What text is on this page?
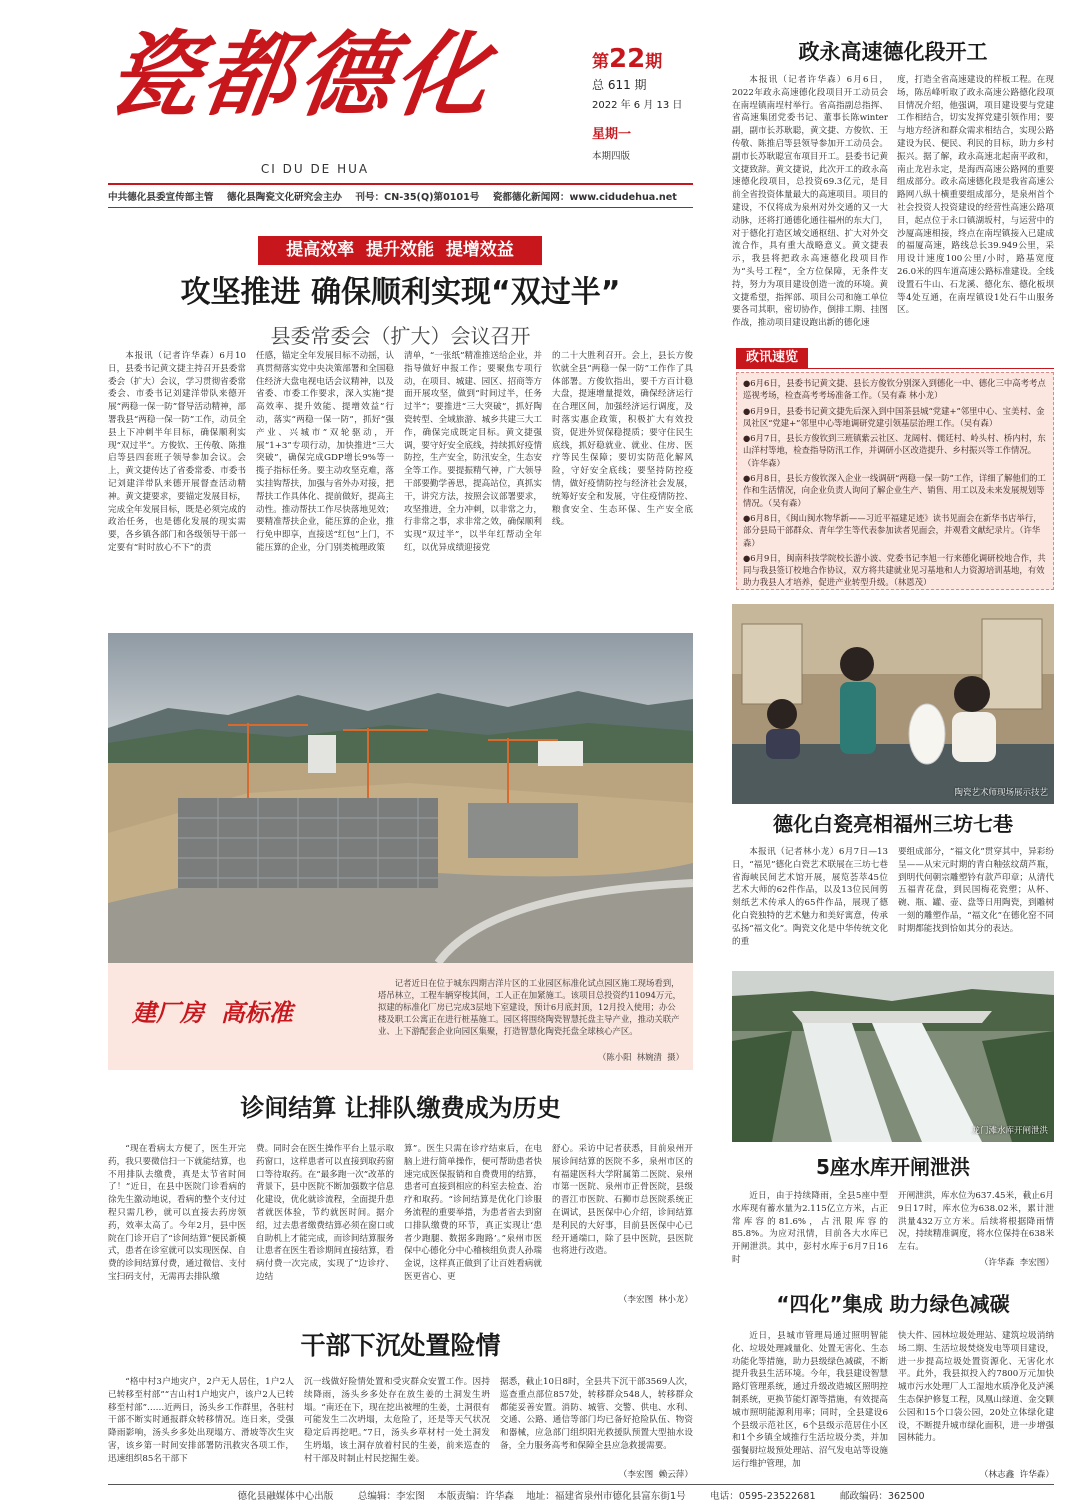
瓷都德化
CI DU DE HUA
第22期
总 611 期
2022 年 6 月 13 日
星期一
本期四版
中共德化县委宣传部主管    德化县陶瓷文化研究会主办    刊号：CN-35(Q)第0101号    瓷都德化新闻网：www.cidudehua.net
提高效率  提升效能  提增效益
攻坚推进 确保顺利实现“双过半”
县委常委会（扩大）会议召开
本报讯（记者许华森）6月10日，县委书记黄文捷主持召开县委常委会（扩大）会议，学习贯彻省委常委会、市委书记刘建洋带队来德开展“两稳一保一防”督导活动精神，部署我县“两稳一保一防”工作，动员全县上下冲刺半年目标，确保顺利实现“双过半”。方俊钦、王传敬、陈推启等县四套班子领导参加会议。会上，黄文捷传达了省委常委、市委书记刘建洋带队来德开展督查活动精神。黄文捷要求，要锚定发展目标，完成全年发展目标，既是必须完成的政治任务，也是德化发展的现实需要，各乡镇各部门和各级领导干部一定要有“时时放心不下”的责
任感，锚定全年发展目标不动摇，认真贯彻落实党中央决策部署和全国稳住经济大盘电视电话会议精神，以及省委、市委工作要求，深入实施“提高效率、提升效能、提增效益”行动，落实“两稳一保一防”，抓好“强产业、兴城市”双轮驱动，开展“1+3”专项行动，加快推进“三大突破”，确保完成GDP增长9%等一揽子指标任务。要主动攻坚克难，落实挂钩帮扶，加强与省外办对接，把帮扶工作具体化、提前做好，提高主动性。推动帮扶工作尽快落地见效；要精准帮扶企业，能压算的企业，推行免申即享，直接送“红包”上门，不能压算的企业，分门别类梳理政策
清单，“一张纸”精准推送给企业，并指导做好申报工作；要聚焦专项行动，在项目、城建、园区、招商等方面开展攻坚，做到“时间过半，任务过半”；要推进“三大突破”，抓好陶瓷转型、全域旅游、城乡共建三大工作，确保完成既定目标。黄文捷强调，要守好安全底线，持续抓好疫情防控，生产安全，防汛安全，生态安全等工作。要提振精气神，广大领导干部要勤学善思，提高站位，真抓实干，讲究方法，按照会议部署要求，攻坚推进，全力冲刺，以非常之力，行非常之事，求非常之效，确保顺利实现“双过半”，以半年红帮动全年红，以优异成绩迎接党
的二十大胜利召开。会上，县长方俊钦就全县“两稳一保一防”工作作了具体部署。方俊钦指出，要千方百计稳大盘，提速增量提效，确保经济运行在合理区间，加强经济运行调度，及时落实惠企政策，积极扩大有效投资，促进外贸保稳提质；要守住民生底线，抓好稳就业、就业、住房、医疗等民生保障；要切实防范化解风险，守好安全底线；要坚持防控疫情，做好疫情防控与经济社会发展，统筹好安全和发展，守住疫情防控、粮食安全、生态环保、生产安全底线。
政永高速德化段开工
本报讯（记者许华森）6月6日，2022年政永高速德化段项目开工动员会在南埕镇南埕村举行。省高指副总指挥、省高速集团党委书记、董事长陈winter副，副市长苏耿聪，黄文捷、方俊钦、王传敬、陈推启等县领导参加开工动员会。副市长苏耿聪宣布项目开工。县委书记黄文捷致辞。黄文捷说，此次开工的政永高速德化段项目，总投资69.3亿元，是目前全省投资体量最大的高速项目。项目的建设，不仅将成为泉州对外交通的又一大动脉，还将打通德化通往福州的东大门，对于德化打造区域交通枢纽、扩大对外交流合作，具有重大战略意义。黄文捷表示，我县将把政永高速德化段项目作为“头号工程”，全方位保障，无条件支持，努力为项目建设创造一流的环境。黄文捷希望，指挥部、项目公司和施工单位要各司其职，密切协作，倒排工期、挂图作战，推动项目建设跑出新的德化速
度，打造全省高速建设的样板工程。在现场，陈岳峰听取了政永高速公路德化段项目情况介绍，他强调，项目建设要与党建工作相结合，切实发挥党建引领作用；要与地方经济和群众需求相结合，实现公路建设为民、便民、利民的目标，助力乡村振兴。据了解，政永高速北起南平政和，南止龙岩永定，是海西高速公路网的重要组成部分。政永高速德化段是我省高速公路网八纵十横重要组成部分，是泉州首个社会投资人投资建设的经营性高速公路项目，起点位于永口镇湖坂村，与运营中的沙厦高速相接，终点在南埕镇接入已建成的福厦高速，路线总长39.949公里，采用设计速度100公里/小时，路基宽度26.0米的四车道高速公路标准建设。全线设置石牛山、石龙溪、德化东、德化板坝等4处互通，在南埕镇设1处石牛山服务区。
政讯速览
●6月6日，县委书记黄文捷、县长方俊钦分别深入到德化一中、德化三中高考考点巡视考场，检查高考考场准备工作。（吴有森 林小龙）
●6月9日，县委书记黄文捷先后深入到中国茶县城“党建+”邻里中心、宝美村、金凤社区“党建+”邻里中心等地调研党建引领基层治理工作。（吴有森）
●6月7日，县长方俊钦到三班镇紫云社区、龙阔村、儒廷村、岭头村、桥内村，东山洋村等地，检查指导防汛工作，并调研小区改造提升、乡村振兴等工作情况。（许华森）
●6月8日，县长方俊钦深入企业一线调研“两稳一保一防”工作，详细了解他们的工作和生活情况，向企业负责人询问了解企业生产、销售、用工以及未来发展规划等情况。（吴有森）
●6月8日，《闽山闽水物华新——习近平福建足迹》读书见面会在新华书店举行，部分县局干部群众、青年学生等代表参加读者见面会，并观看文献纪录片。（许华森）
●6月9日，闽南科技学院校长游小波、党委书记李旭一行来德化调研校地合作，共同与我县签订校地合作协议，双方将共建就业见习基地和人力资源培训基地，有效助力我县人才培养，促进产业转型升级。（林恩茂）
建厂房  高标准
记者近日在位于城东四期吉洋片区的工业园区标准化试点园区施工现场看到，塔吊林立，工程车辆穿梭其间，工人正在加紧施工。该项目总投资约11094万元，拟建的标准化厂房已完成3层地下室建设，预计6月底封顶，12月投入使用；办公楼及职工公寓正在进行桩基施工。园区将围绕陶瓷智慧托盘主导产业，推动关联产业、上下游配套企业向园区集聚，打造智慧化陶瓷托盘全球核心产区。
（陈小阳  林婉清  摄）
陶瓷艺术师现场展示技艺
德化白瓷亮相福州三坊七巷
本报讯（记者林小龙）6月7日—13日，“福见”德化白瓷艺术联展在三坊七巷省海峡民间艺术馆开展，展览荟萃45位艺术大师的62件作品，以及13位民间剪刻纸艺术传承人的65件作品，展现了德化白瓷独特的艺术魅力和美好寓意，传承弘扬“福文化”。陶瓷文化是中华传统文化的重
要组成部分，“福文化”贯穿其中，异彩纷呈——从宋元时期的青白釉弦纹葫芦瓶，到明代何朝宗雕塑钤有款芦印章；从清代五福青花盘，到民国梅花瓷塑；从杯、碗、瓶、罐、壶、盘等日用陶瓷，到雕树一刻的雕塑作品，“福文化”在德化窑不同时期都能找到恰如其分的表达。
龙门滩水库开闸泄洪
5座水库开闸泄洪
近日，由于持续降雨，全县5座中型水库现有蓄水量为2.115亿立方米，占正常库容的81.6%，占汛限库容的85.8%。为应对汛情，目前各大水库已开闸泄洪。其中，彭村水库于6月7日16时
开闸泄洪，库水位为637.45米，截止6月9日17时，库水位为638.02米，累计泄洪量432万立方米。后续将根据降雨情况，持续精准调度，将水位保持在638米左右。
（许华森  李宏图）
诊间结算 让排队缴费成为历史
“现在看病太方便了，医生开完药，我只要微信扫一下就能结算，也不用排队去缴费，真是太节省时间了！”近日，在县中医院门诊看病的徐先生激动地说，看病的整个支付过程只需几秒，就可以直接去药房领药，效率太高了。今年2月，县中医院在门诊开启了“诊间结算”便民新模式，患者在诊室就可以实现医保、自费的诊间结算付费，通过微信、支付宝扫码支付，无需再去排队缴
费。同时会在医生操作平台上显示取药窗口，这样患者可以直接到取药窗口等待取药。在“最多跑一次”改革的背景下，县中医院不断加强数字信息化建设，优化就诊流程，全面提升患者就医体验，节约就医时间。据介绍，过去患者缴费结算必须在窗口或自助机上才能完成，而诊间结算服务让患者在医生看诊期间直接结算，看病付费一次完成，实现了“边诊疗、边结
算”。医生只需在诊疗结束后，在电脑上进行简单操作，便可帮助患者快速完成医保报销和自费费用的结算，患者可直接到相应的科室去检查、治疗和取药。“诊间结算是优化门诊服务流程的重要举措，为患者省去到窗口排队缴费的环节，真正实现让‘患者少跑腿、数据多跑路’。”泉州市医保中心德化分中心稽核组负责人孙瑞金说，这样真正做到了让百姓看病就医更省心、更
舒心。采访中记者获悉，目前泉州开展诊间结算的医院不多，泉州市区的有福建医科大学附属第二医院、泉州市第一医院、泉州市正骨医院，县级的晋江市医院、石狮市总医院系统正在调试，县医保中心介绍，诊间结算是利民的大好事，目前县医保中心已经开通端口，除了县中医院，县医院也将进行改造。
（李宏图  林小龙）
干部下沉处置险情
“格中村3户地灾户，2户无人居住，1户2人已转移至村部”“吉山村1户地灾户，该户2人已转移至村部”……近两日，汤头乡工作群里，各驻村干部不断实时通报群众转移情况。连日来，受强降雨影响，汤头乡多处出现塌方、滑坡等次生灾害，该乡第一时间安排部署防汛救灾各项工作，迅速组织85名干部下
沉一线做好险情处置和受灾群众安置工作。因持续降雨，汤头乡多处存在放生姜的土洞发生坍塌。“南还在下，现在挖出被埋的生姜，土洞很有可能发生二次坍塌，太危险了，还是等天气状况稳定后再挖吧。”7日，汤头乡草材村一处土洞发生坍塌，该土洞存放着村民的生姜，前来巡查的村干部及时制止村民挖掘生姜。
据悉，截止10日8时，全县共下沉干部3569人次，巡查重点部位857处，转移群众548人，转移群众都能妥善安置。消防、城管、交警、供电、水利、交通、公路、通信等部门均已备好抢险队伍、物资和器械，应急部门组织阳光救援队预置大型抽水设备，全力服务高考和保障全县应急救援需要。
（李宏图  赖云萍）
“四化”集成 助力绿色减碳
近日，县城市管理局通过照明智能化、垃圾处理减量化、处置无害化、生态功能化等措施，助力县级绿色减碳，不断提升我县生活环境。今年，我县建设智慧路灯管理系统，通过升级改造城区照明控制系统，更换节能灯源等措施，有效提高城市照明能源利用率；同时，全县建设6个县级示范社区，6个县级示范居住小区和1个乡镇全域推行生活垃圾分类，并加强餐厨垃圾预处理站、沼气发电站等设施运行维护管理，加
快大件、园林垃圾处理站、建筑垃圾消纳场二期、生活垃圾焚烧发电等项目建设，进一步提高垃圾处置资源化、无害化水平。此外，我县拟投入约7800万元加快城市污水处理厂人工湿地水质净化及泸溪生态保护修复工程，凤凰山绿道、金交颗公园和15个口袋公园，20处立体绿化建设，不断提升城市绿化面积，进一步增强园林能力。
（林志鑫  许华森）
德化县融媒体中心出版        总编辑：李宏图    本版责编：许华森    地址：福建省泉州市德化县富东街1号        电话：0595-23522681        邮政编码：362500
